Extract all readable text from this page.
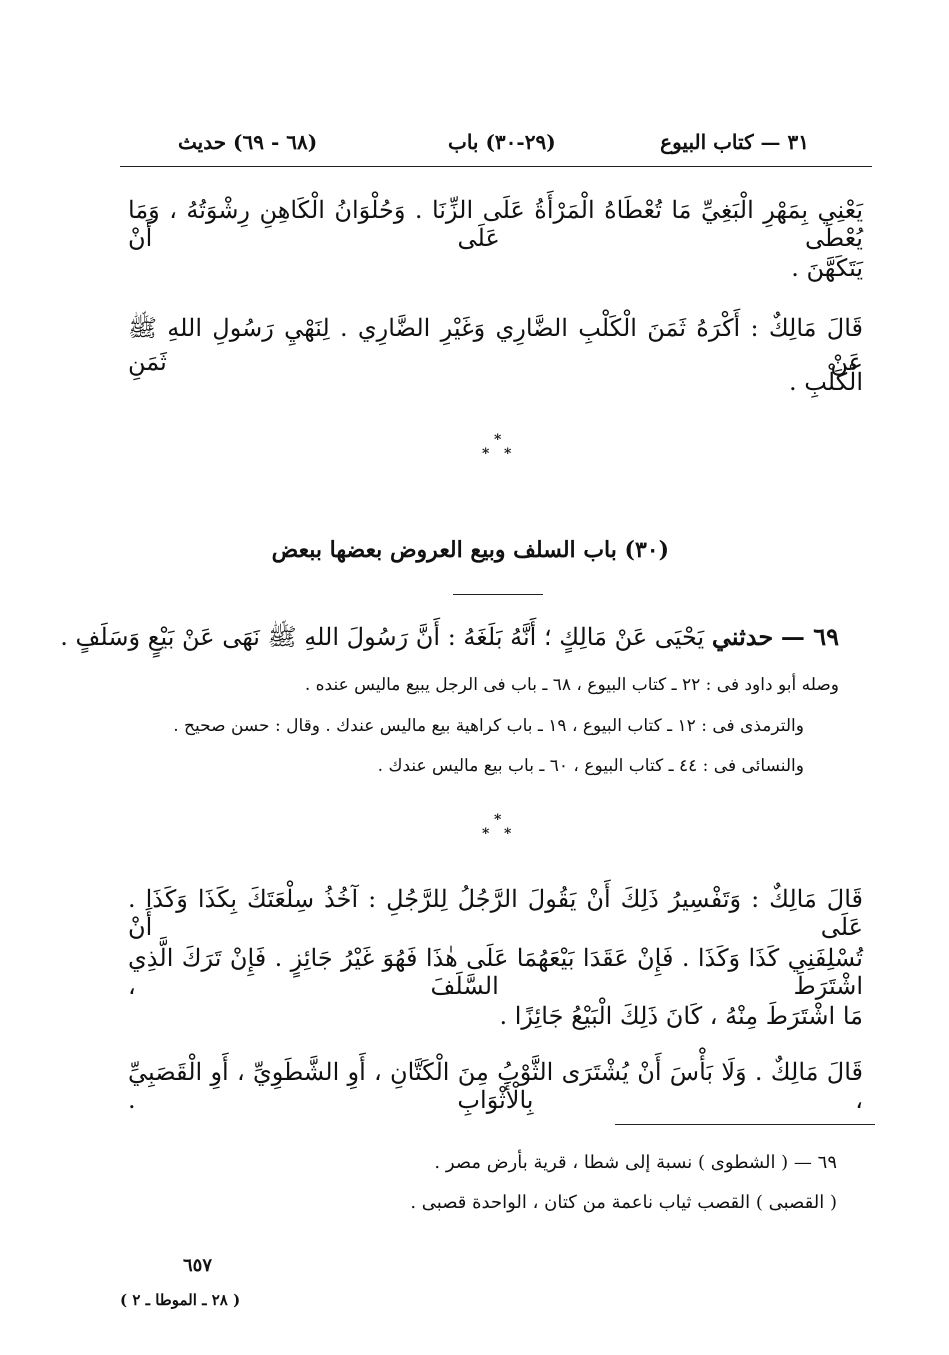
٣١ — كتاب البيوع
(٢٩-٣٠) باب
(٦٨ - ٦٩) حديث
يَعْنِي بِمَهْرِ الْبَغِيِّ مَا تُعْطَاهُ الْمَرْأَةُ عَلَى الزِّنَا . وَحُلْوَانُ الْكَاهِنِ رِشْوَتُهُ ، وَمَا يُعْطَى عَلَى أَنْ
يَتَكَهَّنَ .
قَالَ مَالِكٌ : أَكْرَهُ ثَمَنَ الْكَلْبِ الضَّارِي وَغَيْرِ الضَّارِي . لِنَهْيِ رَسُولِ اللهِ ﷺ عَنْ ثَمَنِ
الْكَلْبِ .
*
* *
(٣٠) باب السلف وبيع العروض بعضها ببعض
٦٩ — حدثني يَحْيَى عَنْ مَالِكٍ ؛ أَنَّهُ بَلَغَهُ : أَنَّ رَسُولَ اللهِ ﷺ نَهَى عَنْ بَيْعٍ وَسَلَفٍ .
وصله أبو داود فى : ٢٢ ـ كتاب البيوع ، ٦٨ ـ باب فى الرجل يبيع ماليس عنده .
والترمذى فى : ١٢ ـ كتاب البيوع ، ١٩ ـ باب كراهية بيع ماليس عندك . وقال : حسن صحيح .
والنسائى فى : ٤٤ ـ كتاب البيوع ، ٦٠ ـ باب بيع ماليس عندك .
*
* *
قَالَ مَالِكٌ : وَتَفْسِيرُ ذَلِكَ أَنْ يَقُولَ الرَّجُلُ لِلرَّجُلِ : آخُذُ سِلْعَتَكَ بِكَذَا وَكَذَا . عَلَى أَنْ
تُسْلِفَنِي كَذَا وَكَذَا . فَإِنْ عَقَدَا بَيْعَهُمَا عَلَى هٰذَا فَهُوَ غَيْرُ جَائِزٍ . فَإِنْ تَرَكَ الَّذِي اشْتَرَطَ السَّلَفَ ،
مَا اشْتَرَطَ مِنْهُ ، كَانَ ذَلِكَ الْبَيْعُ جَائِزًا .
قَالَ مَالِكٌ . وَلَا بَأْسَ أَنْ يُشْتَرَى الثَّوْبُ مِنَ الْكَتَّانِ ، أَوِ الشَّطَوِيِّ ، أَوِ الْقَصَبِيِّ ، بِالْأَثْوَابِ .
٦٩ — ( الشطوى ) نسبة إلى شطا ، قرية بأرض مصر .
( القصبى ) القصب ثياب ناعمة من كتان ، الواحدة قصبى .
٦٥٧
( ٢٨ ـ الموطا ـ ٢ )
